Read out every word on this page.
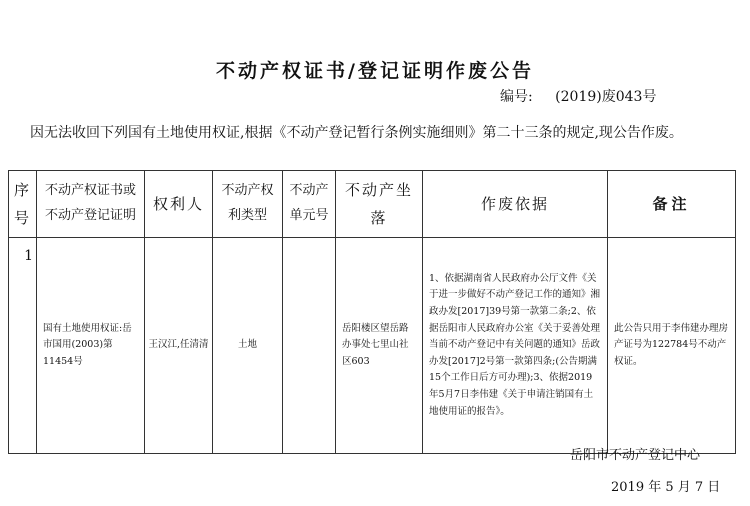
不动产权证书/登记证明作废公告
编号: (2019)废043号
因无法收回下列国有土地使用权证,根据《不动产登记暂行条例实施细则》第二十三条的规定,现公告作废。
序号	不动产权证书或不动产登记证明	权利人	不动产权利类型	不动产单元号	不动产坐落	作废依据	备注
1	国有土地使用权证:岳市国用(2003)第11454号	王汉江,任清清	土地		岳阳楼区望岳路办事处七里山社区603	1、依据湖南省人民政府办公厅文件《关于进一步做好不动产登记工作的通知》湘政办发[2017]39号第一款第二条;2、依据岳阳市人民政府办公室《关于妥善处理当前不动产登记中有关问题的通知》岳政办发[2017]2号第一款第四条;(公告期满15个工作日后方可办理);3、依据2019年5月7日李伟建《关于申请注销国有土地使用证的报告》。	此公告只用于李伟建办理房产证号为122784号不动产权证。
岳阳市不动产登记中心
2019 年 5 月 7 日
